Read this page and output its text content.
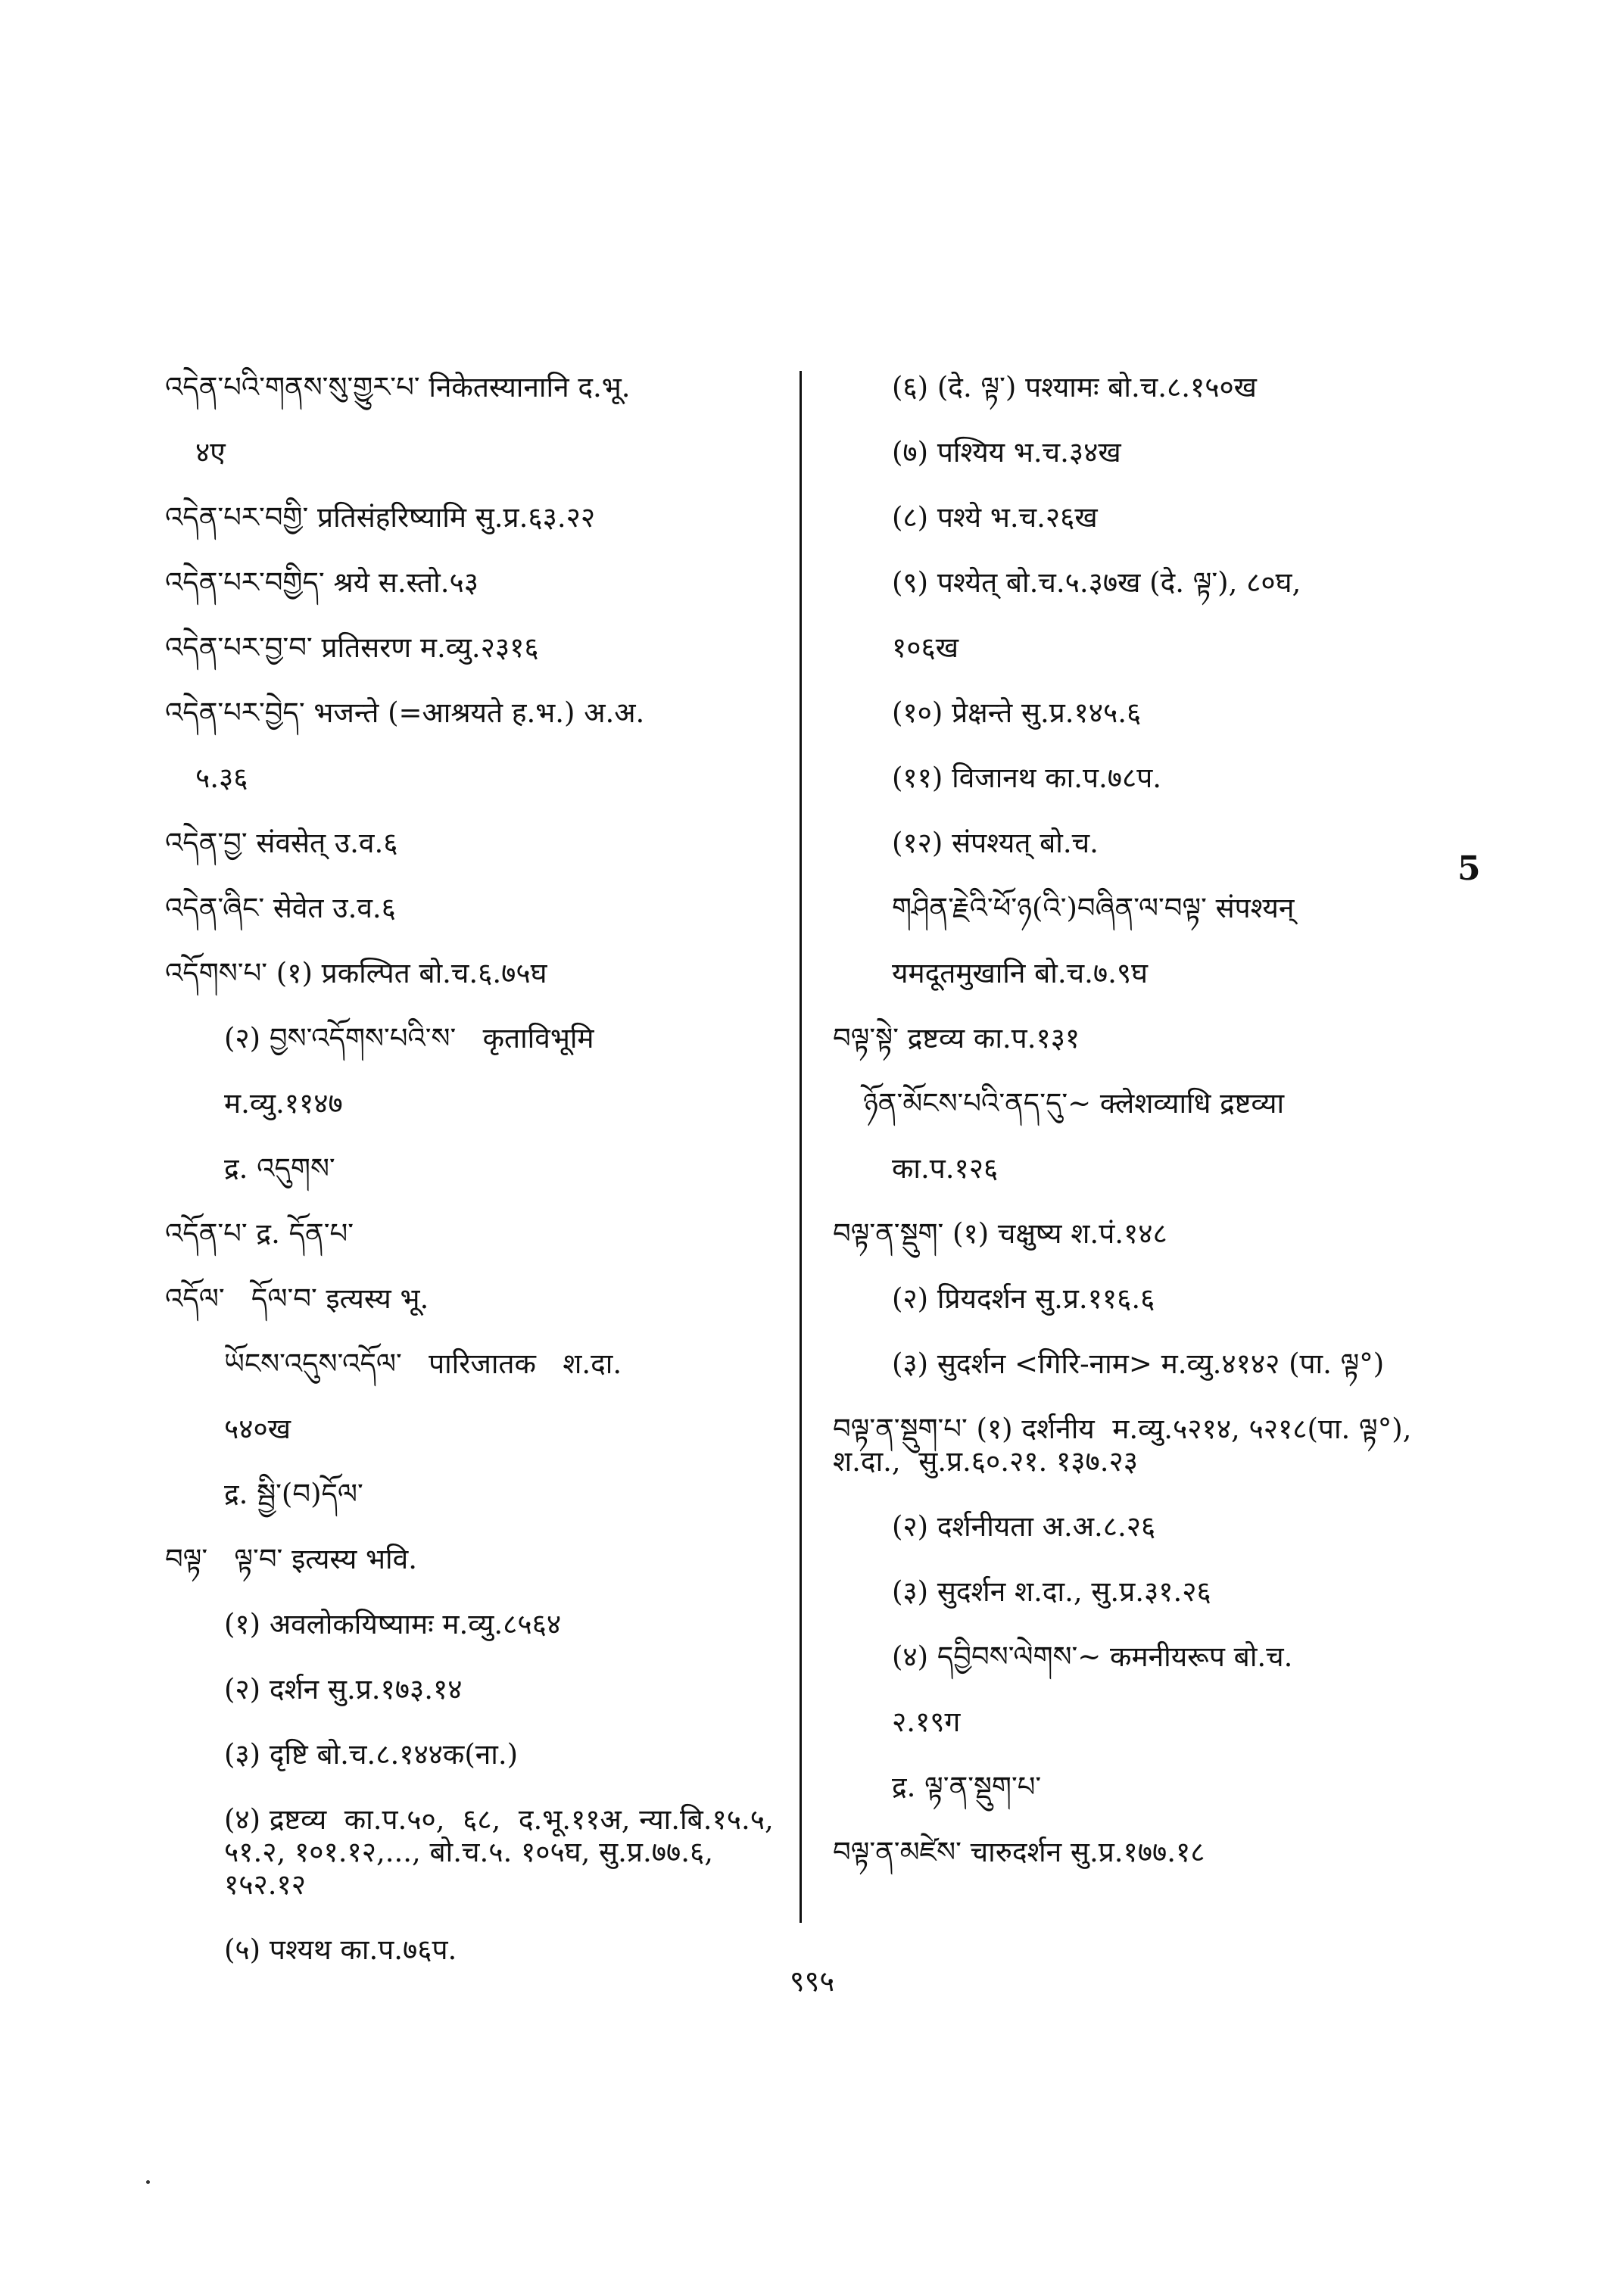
འདེན་པའི་གནས་སུ་གྱུར་པ་ निकेतस्यानानि द.भू.
४ए
འདེན་པར་བགྱི་ प्रतिसंहरिष्यामि सु.प्र.६३.२२
འདེན་པར་བགྱིད་ श्रये स.स्तो.५३
འདེན་པར་བྱ་བ་ प्रतिसरण म.व्यु.२३१६
འདེན་པར་བྱེད་ भजन्ते (=आश्रयते ह.भ.) अ.अ.
५.३६
འདེན་བྱ་ संवसेत् उ.व.६
འདེན་ཞིང་ सेवेत उ.व.६
འདོགས་པ་ (१) प्रकल्पित बो.च.६.७५घ
(२) བྱས་འདོགས་པའི་ས་   कृताविभूमि
म.व्यु.११४७
द्र. འདུགས་
འདོན་པ་ द्र. དོན་པ་
འདོལ་   དོལ་བ་ इत्यस्य भू.
ཡོངས་འདུས་འདོལ་   पारिजातक   श.दा.
५४०ख
द्र. སྦྱི་(བ)དོལ་
བལྟ་   ལྟ་བ་ इत्यस्य भवि.
(१) अवलोकयिष्यामः म.व्यु.८५६४
(२) दर्शन सु.प्र.१७३.१४
(३) दृष्टि बो.च.८.१४४क(ना.)
(४) द्रष्टव्य  का.प.५०,  ६८,  द.भू.११अ, न्या.बि.१५.५, ५१.२, १०१.१२,..., बो.च.५. १०५घ, सु.प्र.७७.६, १५२.१२
(५) पश्यथ का.प.७६प.
(६) (दे. ལྟ་) पश्यामः बो.च.८.१५०ख
(७) पश्यिय भ.च.३४ख
(८) पश्ये भ.च.२६ख
(९) पश्येत् बो.च.५.३७ख (दे. ལྟ་), ८०घ,
१०६ख
(१०) प्रेक्षन्ते सु.प्र.१४५.६
(११) विजानथ का.प.७८प.
(१२) संपश्यत् बो.च.
གཤིན་རྗེའི་ཕོ་ཉ(འི་)བཞིན་ལ་བལྟ་ संपश्यन्
यमदूतमुखानि बो.च.७.९घ
བལྟ་སྟེ་ द्रष्टव्य का.प.१३१
ཉོན་མོངས་པའི་ནད་དུ་~ क्लेशव्याधि द्रष्टव्या
का.प.१२६
བལྟ་ན་སྡུག་ (१) चक्षुष्य श.पं.१४८
(२) प्रियदर्शन सु.प्र.११६.६
(३) सुदर्शन <गिरि-नाम> म.व्यु.४१४२ (पा. ལྟ°)
བལྟ་ན་སྡུག་པ་ (१) दर्शनीय  म.व्यु.५२१४, ५२१८(पा. ལྟ°),  श.दा.,  सु.प्र.६०.२१. १३७.२३
(२) दर्शनीयता अ.अ.८.२६
(३) सुदर्शन श.दा., सु.प्र.३१.२६
(४) དབྱིབས་ལེགས་~ कमनीयरूप बो.च.
२.१९ग
द्र. ལྟ་ན་སྡུག་པ་
བལྟ་ན་མཛེས་ चारुदर्शन सु.प्र.१७७.१८
5
९९५
